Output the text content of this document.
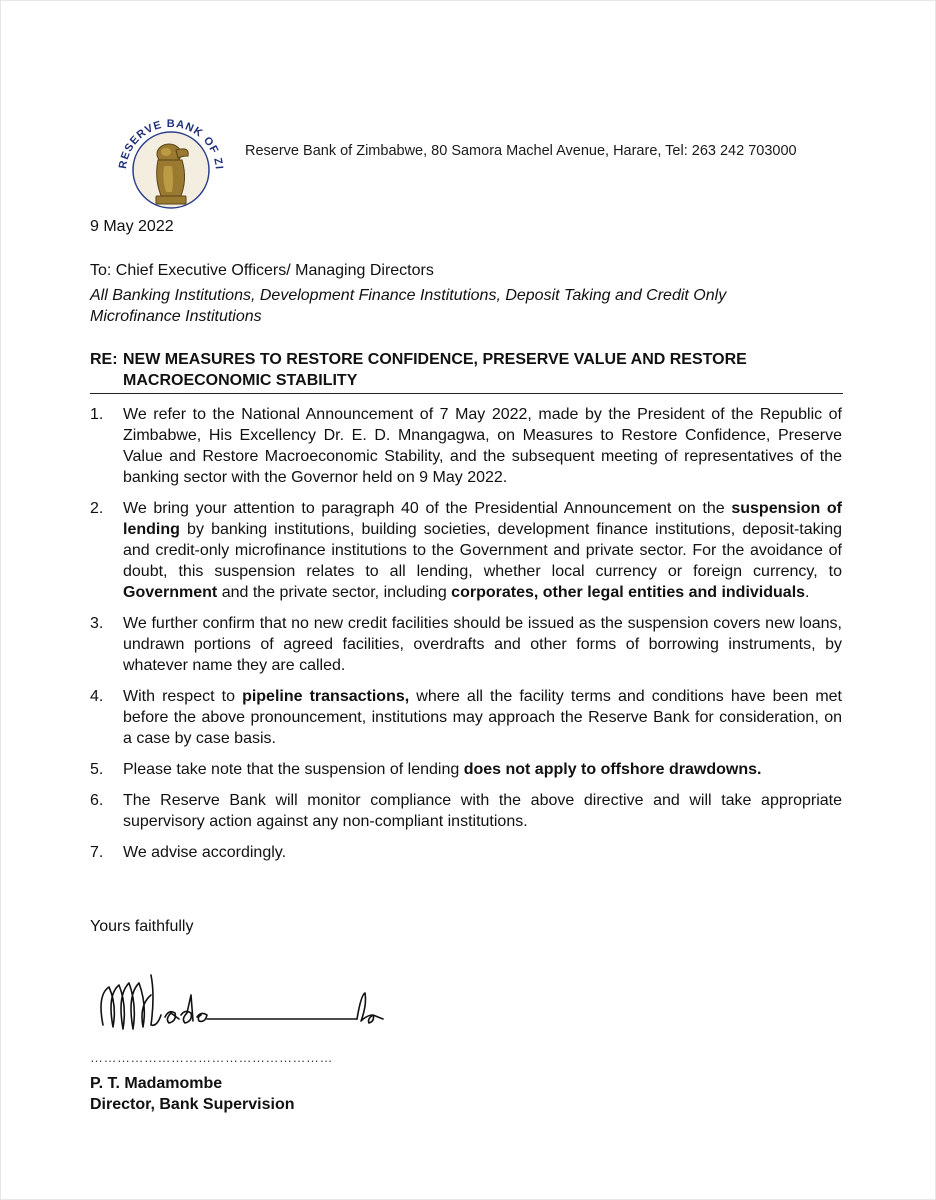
RESERVE BANK OF ZI
Reserve Bank of Zimbabwe, 80 Samora Machel Avenue, Harare, Tel: 263 242 703000
9 May 2022
To: Chief Executive Officers/ Managing Directors
All Banking Institutions, Development Finance Institutions, Deposit Taking and Credit Only
Microfinance Institutions
RE: NEW MEASURES TO RESTORE CONFIDENCE, PRESERVE VALUE AND RESTORE MACROECONOMIC STABILITY
1. We refer to the National Announcement of 7 May 2022, made by the President of the Republic of Zimbabwe, His Excellency Dr. E. D. Mnangagwa, on Measures to Restore Confidence, Preserve Value and Restore Macroeconomic Stability, and the subsequent meeting of representatives of the banking sector with the Governor held on 9 May 2022.
2. We bring your attention to paragraph 40 of the Presidential Announcement on the suspension of lending by banking institutions, building societies, development finance institutions, deposit-taking and credit-only microfinance institutions to the Government and private sector. For the avoidance of doubt, this suspension relates to all lending, whether local currency or foreign currency, to Government and the private sector, including corporates, other legal entities and individuals.
3. We further confirm that no new credit facilities should be issued as the suspension covers new loans, undrawn portions of agreed facilities, overdrafts and other forms of borrowing instruments, by whatever name they are called.
4. With respect to pipeline transactions, where all the facility terms and conditions have been met before the above pronouncement, institutions may approach the Reserve Bank for consideration, on a case by case basis.
5. Please take note that the suspension of lending does not apply to offshore drawdowns.
6. The Reserve Bank will monitor compliance with the above directive and will take appropriate supervisory action against any non-compliant institutions.
7. We advise accordingly.
Yours faithfully
………………………………………………
P. T. Madamombe
Director, Bank Supervision
